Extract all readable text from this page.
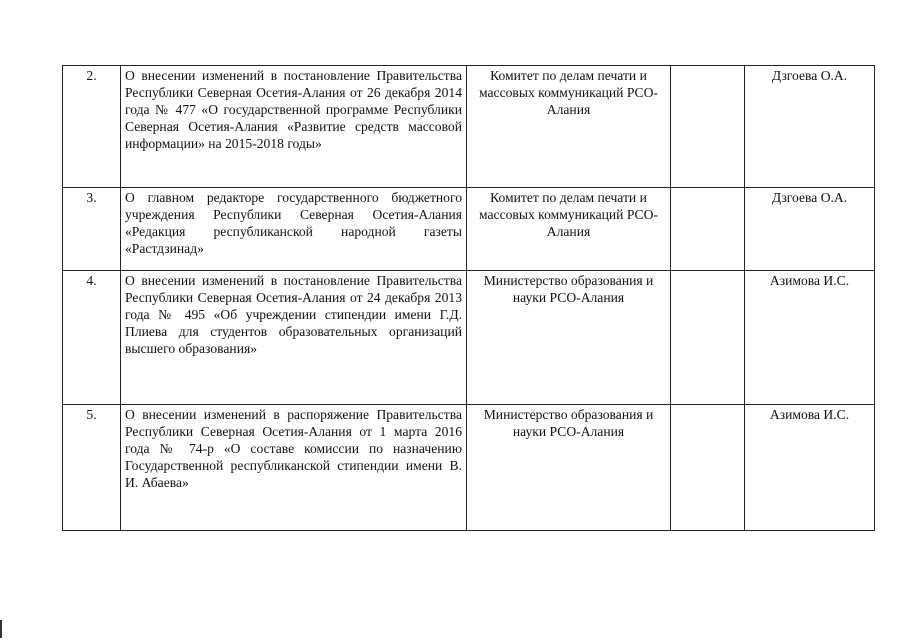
2.	О внесении изменений в постановление Правительства Республики Северная Осетия-Алания от 26 декабря 2014 года № 477 «О государственной программе Республики Северная Осетия-Алания «Развитие средств массовой информации» на 2015-2018 годы»	Комитет по делам печати и массовых коммуникаций РСО-Алания		Дзгоева О.А.
3.	О главном редакторе государственного бюджетного учреждения Республики Северная Осетия-Алания «Редакция республиканской народной газеты «Растдзинад»	Комитет по делам печати и массовых коммуникаций РСО-Алания		Дзгоева О.А.
4.	О внесении изменений в постановление Правительства Республики Северная Осетия-Алания от 24 декабря 2013 года № 495 «Об учреждении стипендии имени Г.Д. Плиева для студентов образовательных организаций высшего образования»	Министерство образования и науки РСО-Алания		Азимова И.С.
5.	О внесении изменений в распоряжение Правительства Республики Северная Осетия-Алания от 1 марта 2016 года № 74-р «О составе комиссии по назначению Государственной республиканской стипендии имени В. И. Абаева»	Министерство образования и науки РСО-Алания		Азимова И.С.
